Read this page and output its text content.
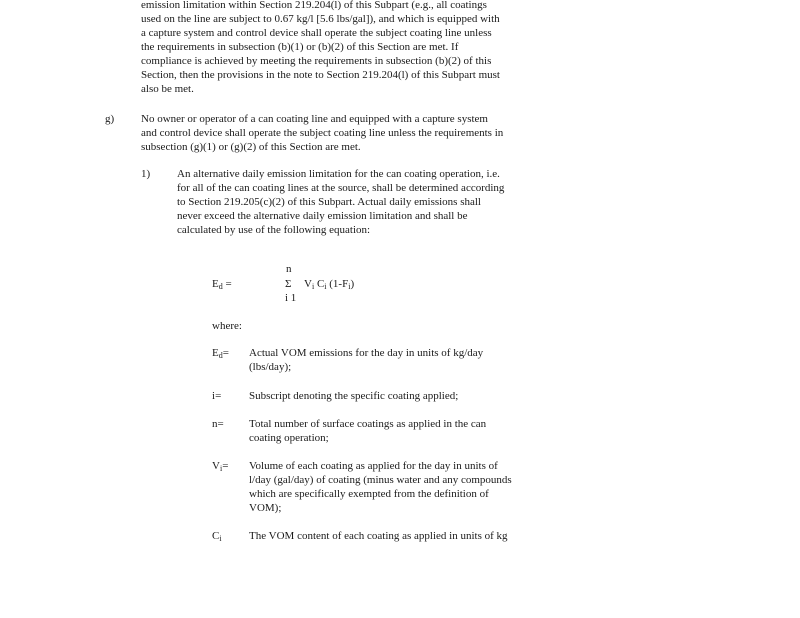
emission limitation within Section 219.204(l) of this Subpart (e.g., all coatings
used on the line are subject to 0.67 kg/l [5.6 lbs/gal]), and which is equipped with
a capture system and control device shall operate the subject coating line unless
the requirements in subsection (b)(1) or (b)(2) of this Section are met. If
compliance is achieved by meeting the requirements in subsection (b)(2) of this
Section, then the provisions in the note to Section 219.204(l) of this Subpart must
also be met.
g) No owner or operator of a can coating line and equipped with a capture system
and control device shall operate the subject coating line unless the requirements in
subsection (g)(1) or (g)(2) of this Section are met.
1) An alternative daily emission limitation for the can coating operation, i.e.
for all of the can coating lines at the source, shall be determined according
to Section 219.205(c)(2) of this Subpart. Actual daily emissions shall
never exceed the alternative daily emission limitation and shall be
calculated by use of the following equation:
n
$E_d$ =	Σ $V_i$ $C_i$ $(1-F_i)$
i 1
where:
$E_d=$ Actual VOM emissions for the day in units of kg/day
(lbs/day);
i=	Subscript denoting the specific coating applied;
n= Total number of surface coatings as applied in the can
coating operation;
$V_i=$ Volume of each coating as applied for the day in units of
l/day (gal/day) of coating (minus water and any compounds
which are specifically exempted from the definition of
VOM);
$C_i$ The VOM content of each coating as applied in units of kg
